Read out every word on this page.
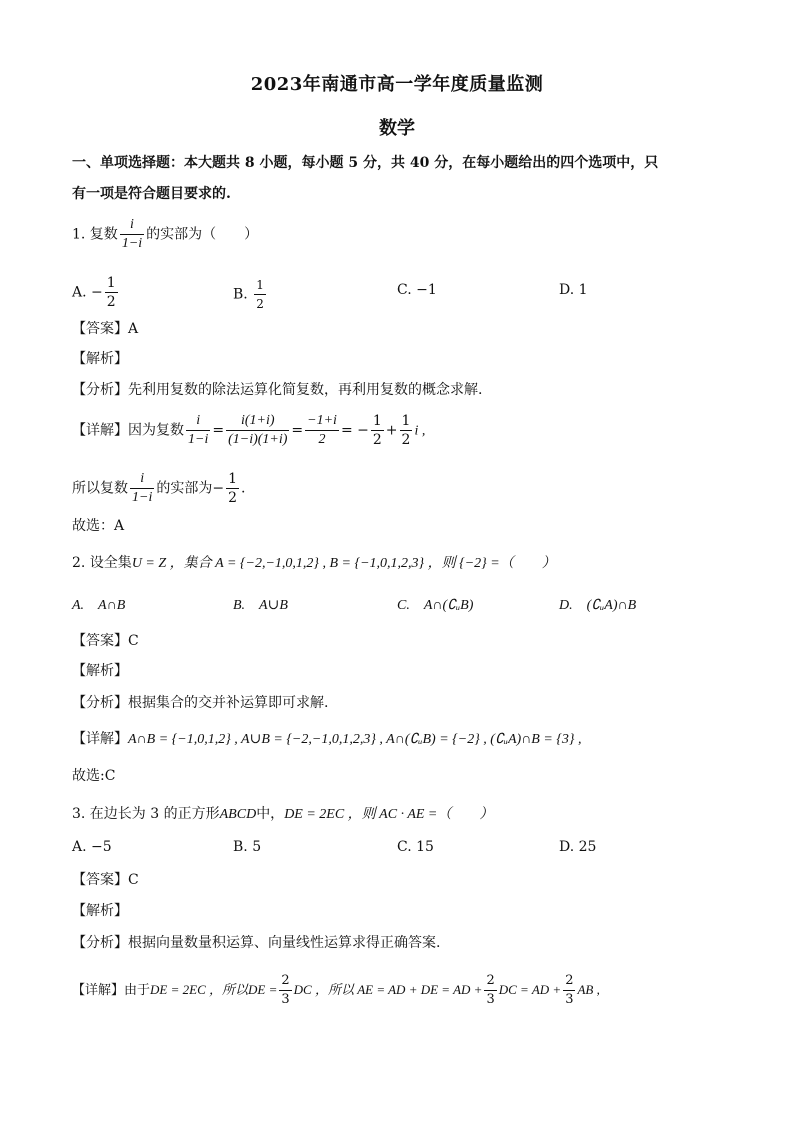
2023年南通市高一学年度质量监测
数学
一、单项选择题：本大题共 8 小题，每小题 5 分，共 40 分，在每小题给出的四个选项中，只
有一项是符合题目要求的.
1. 复数 $\frac{i}{1-i}$ 的实部为（　　）
A. − $\frac{1}{2}$	B. $\frac{1}{2}$	C. −1	D. 1
【答案】A
【解析】
【分析】先利用复数的除法运算化简复数，再利用复数的概念求解.
【详解】因为复数 $\frac{i}{1-i} = \frac{i(1+i)}{(1-i)(1+i)} = \frac{-1+i}{2}$ = − $\frac{1}{2} + \frac{1}{2}$ i ,
所以复数 $\frac{i}{1-i}$ 的实部为− $\frac{1}{2}$ .
故选：A
2. 设全集U = Z ，集合 A = {−2,−1,0,1,2} , B = {−1,0,1,2,3} ，则 {−2} =（　　）
A.　A∩B	B.　A∪B	C.　A∩(∁ᵤB)	D.　(∁ᵤA)∩B
【答案】C
【解析】
【分析】根据集合的交并补运算即可求解.
【详解】A∩B = {−1,0,1,2} , A∪B = {−2,−1,0,1,2,3} , A∩(∁ᵤB) = {−2} , (∁ᵤA)∩B = {3} ,
故选:C
3. 在边长为 3 的正方形ABCD中，DE = 2EC ，则 AC · AE =（　　）
A. −5	B. 5	C. 15	D. 25
【答案】C
【解析】
【分析】根据向量数量积运算、向量线性运算求得正确答案.
【详解】由于DE = 2EC ，所以DE = $\frac{2}{3}$ DC ，所以 AE = AD + DE = AD + $\frac{2}{3}$ DC = AD + $\frac{2}{3}$ AB ,
